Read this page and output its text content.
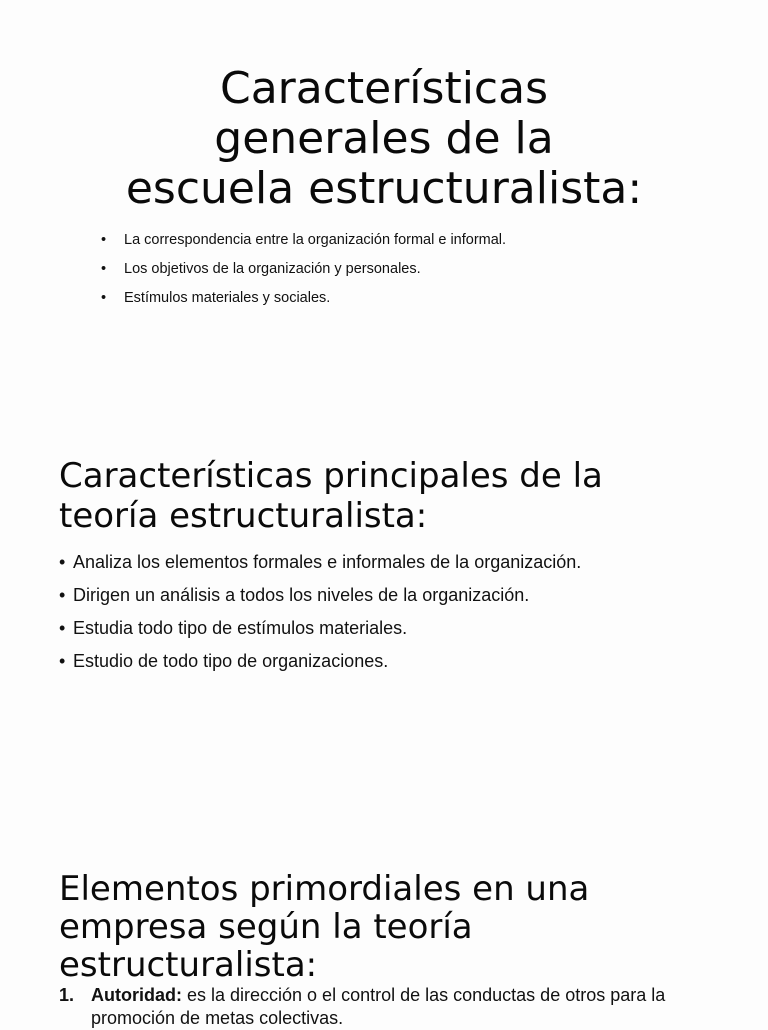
Características
generales de la
escuela estructuralista:
•	La correspondencia entre la organización formal e informal.
•	Los objetivos de la organización y personales.
•	Estímulos materiales y sociales.
Características principales de la
teoría estructuralista:
• Analiza los elementos formales e informales de la organización.
• Dirigen un análisis a todos los niveles de la organización.
• Estudia todo tipo de estímulos materiales.
• Estudio de todo tipo de organizaciones.
Elementos primordiales en una
empresa según la teoría
estructuralista:
1. Autoridad: es la dirección o el control de las conductas de otros para la promoción de metas colectivas.
